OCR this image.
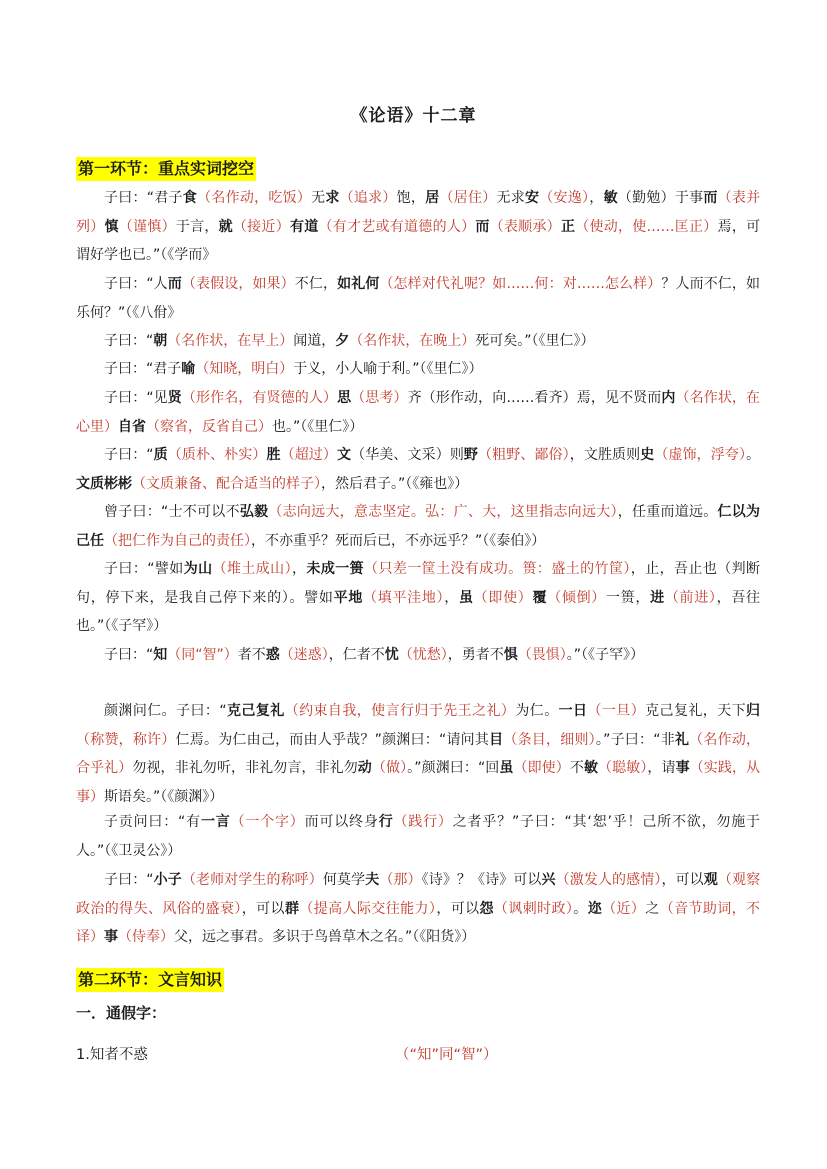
《论语》十二章
第一环节：重点实词挖空

子曰：“君子食（名作动，吃饭）无求（追求）饱，居（居住）无求安（安逸），敏（勤勉）于事而（表并列）慎（谨慎）于言，就（接近）有道（有才艺或有道德的人）而（表顺承）正（使动，使……匡正）焉，可谓好学也已。”（《学而》

子曰：“人而（表假设，如果）不仁，如礼何（怎样对代礼呢？如……何：对……怎么样）？人而不仁，如乐何？”（《八佾》

子曰：“朝（名作状，在早上）闻道，夕（名作状，在晚上）死可矣。”（《里仁》）

子曰：“君子喻（知晓，明白）于义，小人喻于利。”（《里仁》）

子曰：“见贤（形作名，有贤德的人）思（思考）齐（形作动，向……看齐）焉，见不贤而内（名作状，在心里）自省（察省，反省自己）也。”（《里仁》）

子曰：“质（质朴、朴实）胜（超过）文（华美、文采）则野（粗野、鄙俗），文胜质则史（虚饰，浮夸）。文质彬彬（文质兼备、配合适当的样子），然后君子。”（《雍也》）

曾子曰：“士不可以不弘毅（志向远大，意志坚定。弘：广、大，这里指志向远大），任重而道远。仁以为己任（把仁作为自己的责任），不亦重乎？死而后已，不亦远乎？”（《泰伯》）

子曰：“譬如为山（堆土成山），未成一篑（只差一筐土没有成功。篑：盛土的竹筐），止，吾止也（判断句，停下来，是我自己停下来的）。譬如平地（填平洼地），虽（即使）覆（倾倒）一篑，进（前进），吾往也。”（《子罕》）

子曰：“知（同“智”）者不惑（迷惑），仁者不忧（忧愁），勇者不惧（畏惧）。”（《子罕》）

颜渊问仁。子曰：“克己复礼（约束自我，使言行归于先王之礼）为仁。一日（一旦）克己复礼，天下归（称赞，称许）仁焉。为仁由己，而由人乎哉？”颜渊曰：“请问其目（条目，细则）。”子曰：“非礼（名作动，合乎礼）勿视，非礼勿听，非礼勿言，非礼勿动（做）。”颜渊曰：“回虽（即使）不敏（聪敏），请事（实践，从事）斯语矣。”（《颜渊》）

子贡问曰：“有一言（一个字）而可以终身行（践行）之者乎？”子曰：“其‘恕’乎！己所不欲，勿施于人。”（《卫灵公》）

子曰：“小子（老师对学生的称呼）何莫学夫（那）《诗》？《诗》可以兴（激发人的感情），可以观（观察政治的得失、风俗的盛衰），可以群（提高人际交往能力），可以怨（讽刺时政）。迩（近）之（音节助词，不译）事（侍奉）父，远之事君。多识于鸟兽草木之名。”（《阳货》）

第二环节：文言知识
一．通假字：
1.知者不惑	（“知”同“智”）
